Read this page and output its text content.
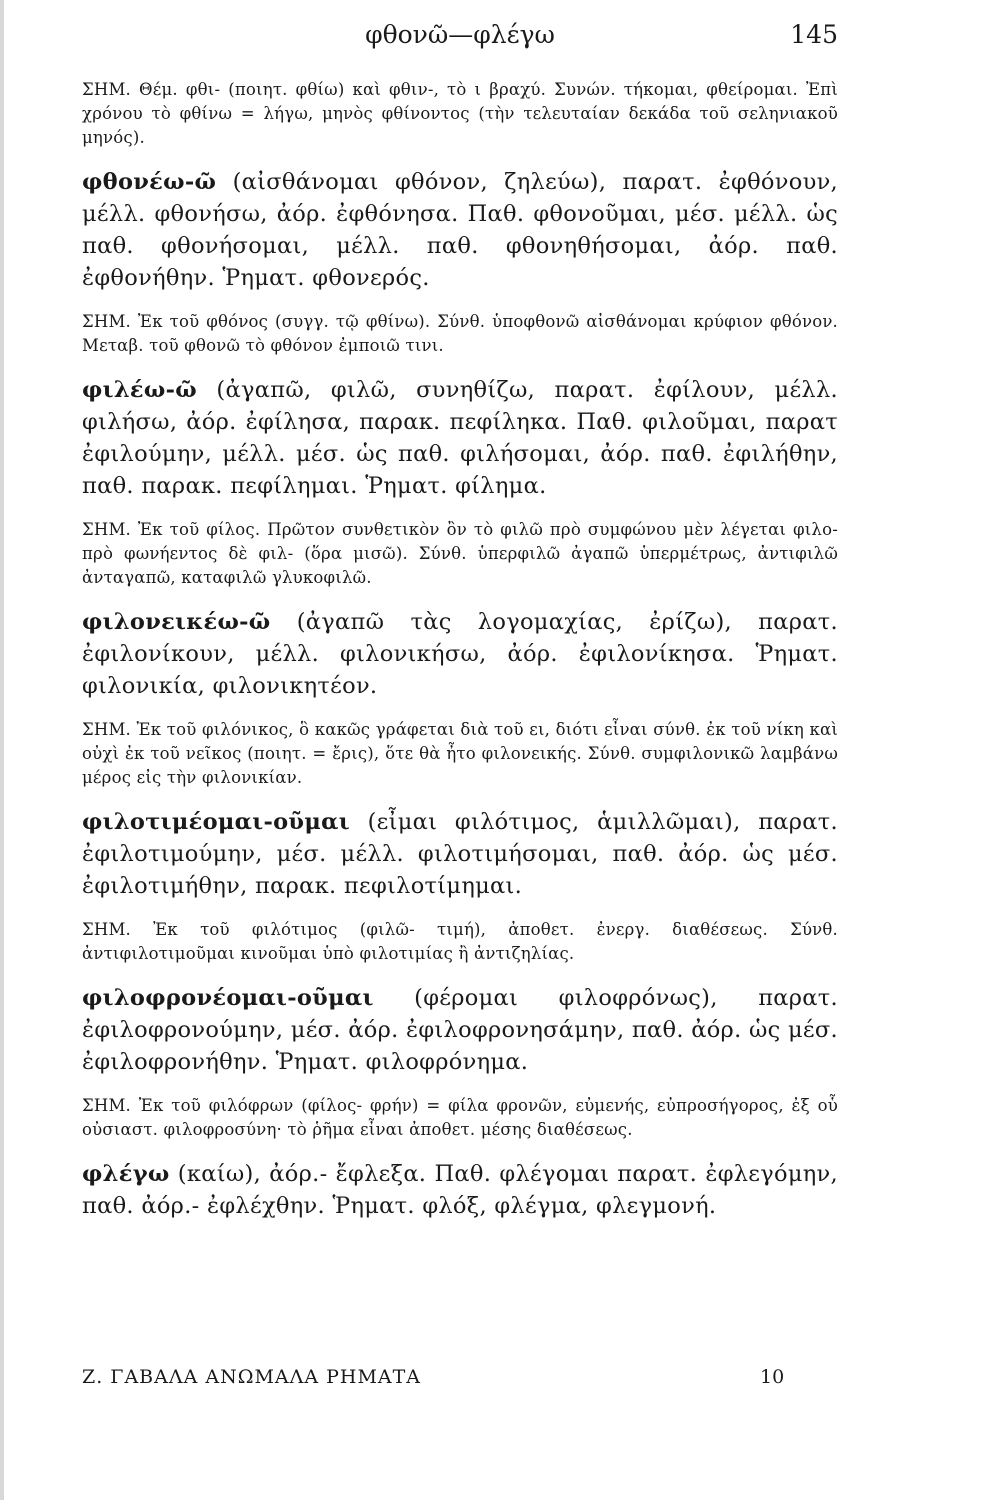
φθονῶ—φλέγω	145

ΣΗΜ. Θέμ. φθι- (ποιητ. φθίω) καὶ φθιν-, τὸ ι βραχύ. Συνών. τήκομαι, φθείρομαι. Ἐπὶ χρόνου τὸ φθίνω = λήγω, μηνὸς φθίνοντος (τὴν τελευταίαν δεκάδα τοῦ σεληνιακοῦ μηνός).

φθονέω-ῶ (αἰσθάνομαι φθόνον, ζηλεύω), παρατ. ἐφθόνουν, μέλλ. φθονήσω, ἀόρ. ἐφθόνησα. Παθ. φθονοῦμαι, μέσ. μέλλ. ὡς παθ. φθονήσομαι, μέλλ. παθ. φθονηθήσομαι, ἀόρ. παθ. ἐφθονήθην. Ῥηματ. φθονερός.

ΣΗΜ. Ἐκ τοῦ φθόνος (συγγ. τῷ φθίνω). Σύνθ. ὑποφθονῶ αἰσθάνομαι κρύφιον φθόνον. Μεταβ. τοῦ φθονῶ τὸ φθόνον ἐμποιῶ τινι.

φιλέω-ῶ (ἀγαπῶ, φιλῶ, συνηθίζω, παρατ. ἐφίλουν, μέλλ. φιλήσω, ἀόρ. ἐφίλησα, παρακ. πεφίληκα. Παθ. φιλοῦμαι, παρατ ἐφιλούμην, μέλλ. μέσ. ὡς παθ. φιλήσομαι, ἀόρ. παθ. ἐφιλήθην, παθ. παρακ. πεφίλημαι. Ῥηματ. φίλημα.

ΣΗΜ. Ἐκ τοῦ φίλος. Πρῶτον συνθετικὸν ὂν τὸ φιλῶ πρὸ συμφώνου μὲν λέγεται φιλο- πρὸ φωνήεντος δὲ φιλ- (ὅρα μισῶ). Σύνθ. ὑπερφιλῶ ἀγαπῶ ὑπερμέτρως, ἀντιφιλῶ ἀνταγαπῶ, καταφιλῶ γλυκοφιλῶ.

φιλονεικέω-ῶ (ἀγαπῶ τὰς λογομαχίας, ἐρίζω), παρατ. ἐφιλονίκουν, μέλλ. φιλονικήσω, ἀόρ. ἐφιλονίκησα. Ῥηματ. φιλονικία, φιλονικητέον.

ΣΗΜ. Ἐκ τοῦ φιλόνικος, ὃ κακῶς γράφεται διὰ τοῦ ει, διότι εἶναι σύνθ. ἐκ τοῦ νίκη καὶ οὐχὶ ἐκ τοῦ νεῖκος (ποιητ. = ἔρις), ὅτε θὰ ἦτο φιλονεικής. Σύνθ. συμφιλονικῶ λαμβάνω μέρος εἰς τὴν φιλονικίαν.

φιλοτιμέομαι-οῦμαι (εἶμαι φιλότιμος, ἁμιλλῶμαι), παρατ. ἐφιλοτιμούμην, μέσ. μέλλ. φιλοτιμήσομαι, παθ. ἀόρ. ὡς μέσ. ἐφιλοτιμήθην, παρακ. πεφιλοτίμημαι.

ΣΗΜ. Ἐκ τοῦ φιλότιμος (φιλῶ- τιμή), ἀποθετ. ἐνεργ. διαθέσεως. Σύνθ. ἀντιφιλοτιμοῦμαι κινοῦμαι ὑπὸ φιλοτιμίας ἢ ἀντιζηλίας.

φιλοφρονέομαι-οῦμαι (φέρομαι φιλοφρόνως), παρατ. ἐφιλοφρονούμην, μέσ. ἀόρ. ἐφιλοφρονησάμην, παθ. ἀόρ. ὡς μέσ. ἐφιλοφρονήθην. Ῥηματ. φιλοφρόνημα.

ΣΗΜ. Ἐκ τοῦ φιλόφρων (φίλος- φρήν) = φίλα φρονῶν, εὐμενής, εὐπροσήγορος, ἐξ οὗ οὐσιαστ. φιλοφροσύνη· τὸ ῥῆμα εἶναι ἀποθετ. μέσης διαθέσεως.

φλέγω (καίω), ἀόρ.- ἔφλεξα. Παθ. φλέγομαι παρατ. ἐφλεγόμην, παθ. ἀόρ.- ἐφλέχθην. Ῥηματ. φλόξ, φλέγμα, φλεγμονή.

Ζ. ΓΑΒΑΛΑ ΑΝΩΜΑΛΑ ΡΗΜΑΤΑ	10
